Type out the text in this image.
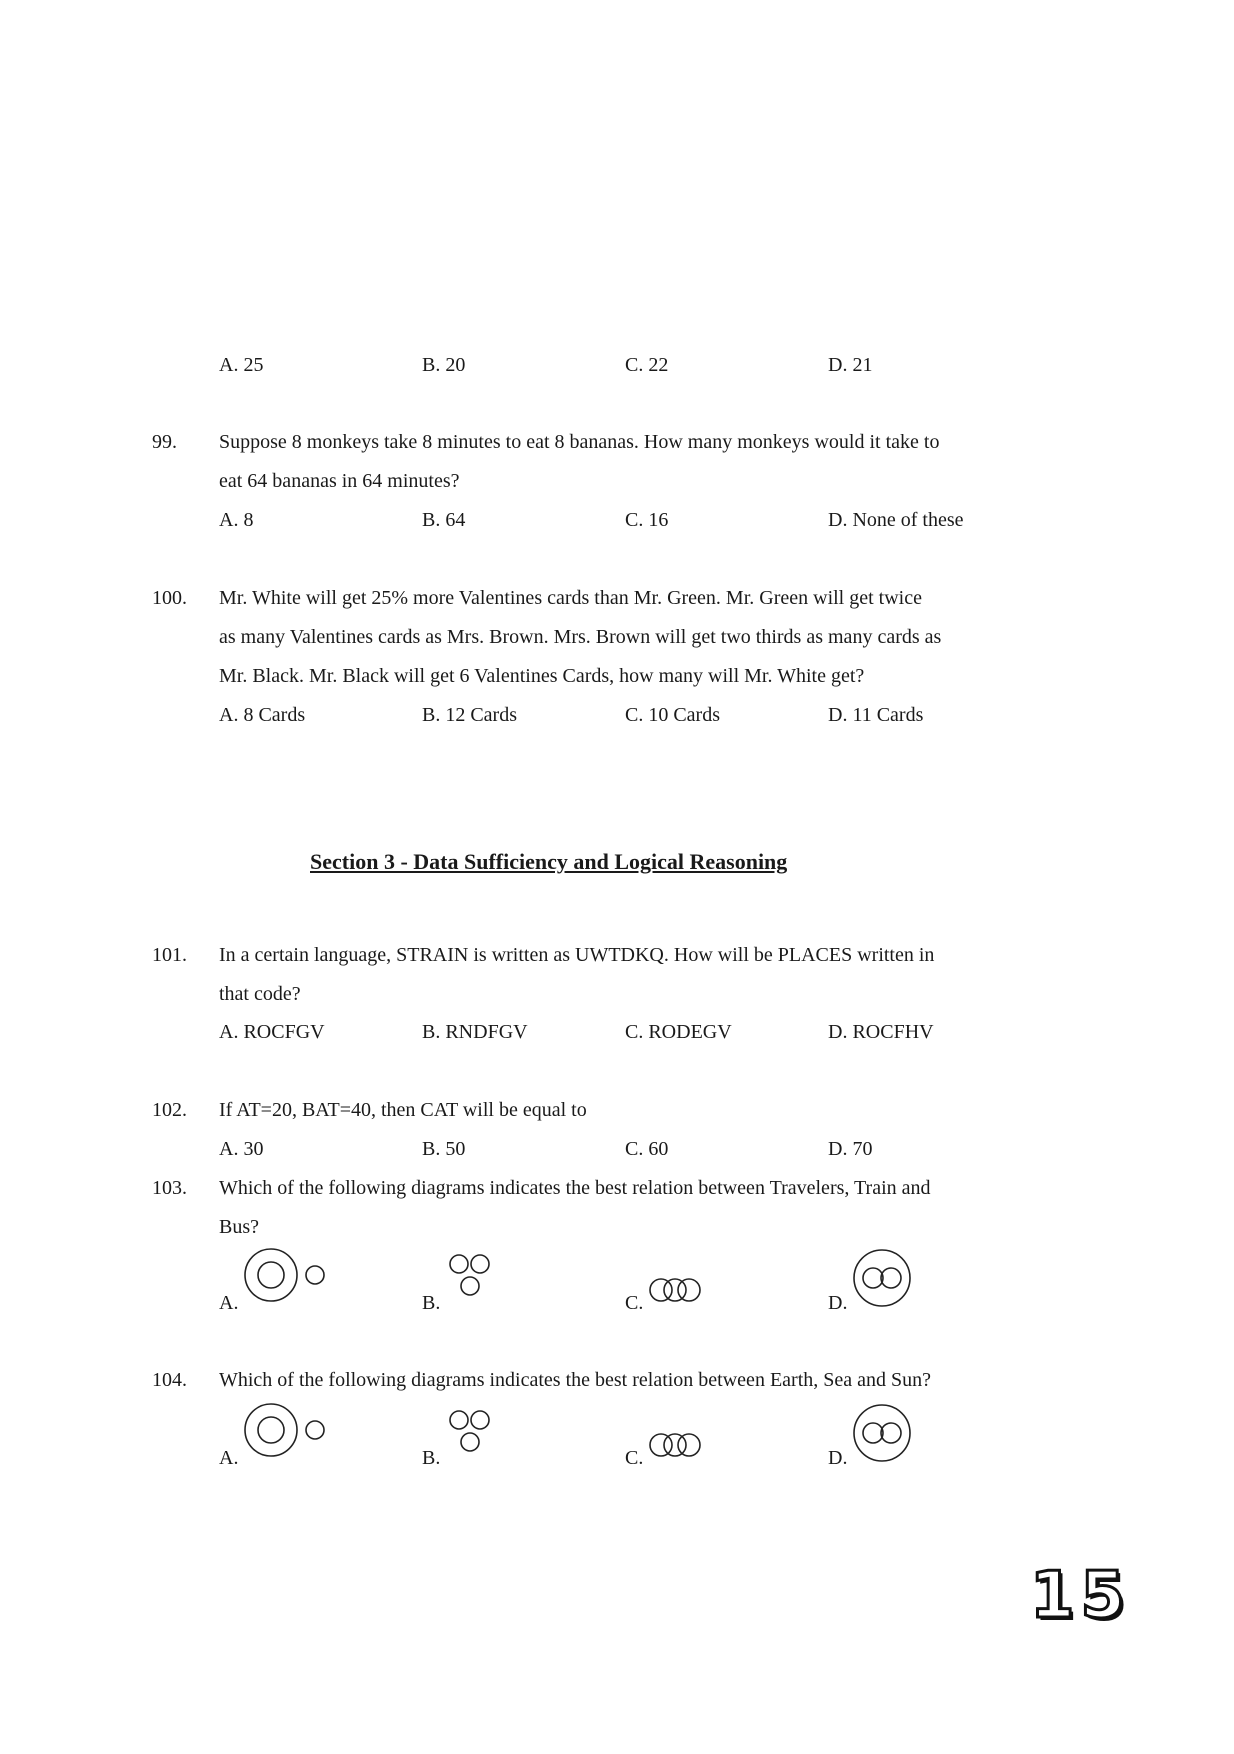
A. 25	B. 20	C. 22	D. 21
99. Suppose 8 monkeys take 8 minutes to eat 8 bananas. How many monkeys would it take to
eat 64 bananas in 64 minutes?
A. 8	B. 64	C. 16	D. None of these
100. Mr. White will get 25% more Valentines cards than Mr. Green. Mr. Green will get twice
as many Valentines cards as Mrs. Brown. Mrs. Brown will get two thirds as many cards as
Mr. Black. Mr. Black will get 6 Valentines Cards, how many will Mr. White get?
A. 8 Cards	B. 12 Cards	C. 10 Cards	D. 11 Cards
Section 3 - Data Sufficiency and Logical Reasoning
101. In a certain language, STRAIN is written as UWTDKQ. How will be PLACES written in
that code?
A. ROCFGV	B. RNDFGV	C. RODEGV	D. ROCFHV
102. If AT=20, BAT=40, then CAT will be equal to
A. 30	B. 50	C. 60	D. 70
103. Which of the following diagrams indicates the best relation between Travelers, Train and
Bus?
A.	B.	C.	D.
104. Which of the following diagrams indicates the best relation between Earth, Sea and Sun?
A.	B.	C.	D.
15
